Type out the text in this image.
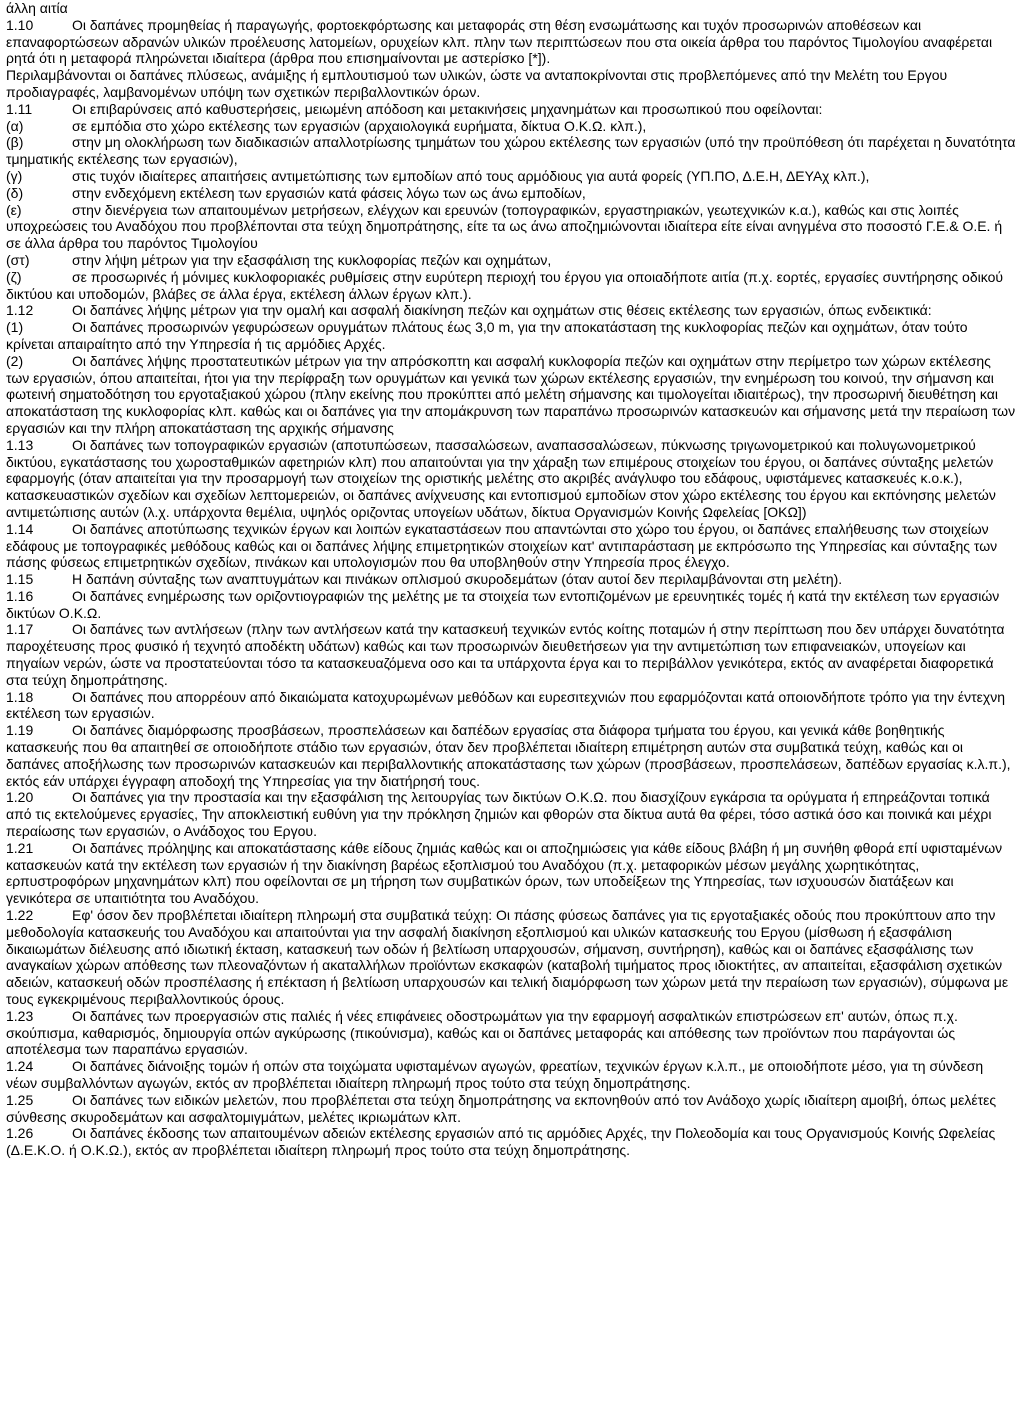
άλλη αιτία

1.10	Οι δαπάνες προμηθείας ή παραγωγής, φορτοεκφόρτωσης και μεταφοράς στη θέση ενσωμάτωσης και τυχόν προσωρινών αποθέσεων και επαναφορτώσεων αδρανών υλικών προέλευσης λατομείων, ορυχείων κλπ. πλην των περιπτώσεων που στα οικεία άρθρα του παρόντος Τιμολογίου αναφέρεται ρητά ότι η μεταφορά πληρώνεται ιδιαίτερα (άρθρα που επισημαίνονται με αστερίσκο [*]).

Περιλαμβάνονται οι δαπάνες πλύσεως, ανάμιξης ή εμπλουτισμού των υλικών, ώστε να ανταποκρίνονται στις προβλεπόμενες από την Μελέτη του Εργου προδιαγραφές, λαμβανομένων υπόψη των σχετικών περιβαλλοντικών όρων.

1.11	Οι επιβαρύνσεις από καθυστερήσεις, μειωμένη απόδοση και μετακινήσεις μηχανημάτων και προσωπικού που οφείλονται:

(α)	σε εμπόδια στο χώρο εκτέλεσης των εργασιών (αρχαιολογικά ευρήματα, δίκτυα Ο.Κ.Ω. κλπ.),

(β)	στην μη ολοκλήρωση των διαδικασιών απαλλοτρίωσης τμημάτων του χώρου εκτέλεσης των εργασιών (υπό την προϋπόθεση ότι παρέχεται η δυνατότητα τμηματικής εκτέλεσης των εργασιών),

(γ)	στις τυχόν ιδιαίτερες απαιτήσεις αντιμετώπισης των εμποδίων από τους αρμόδιους για αυτά φορείς (ΥΠ.ΠΟ, Δ.Ε.Η, ΔΕΥΑχ κλπ.),

(δ)	στην ενδεχόμενη εκτέλεση των εργασιών κατά φάσεις λόγω των ως άνω εμποδίων,

(ε)	στην διενέργεια των απαιτουμένων μετρήσεων, ελέγχων και ερευνών (τοπογραφικών, εργαστηριακών, γεωτεχνικών κ.α.), καθώς και στις λοιπές υποχρεώσεις του Αναδόχου που προβλέπονται στα τεύχη δημοπράτησης, είτε τα ως άνω αποζημιώνονται ιδιαίτερα είτε είναι ανηγμένα στο ποσοστό Γ.Ε.& Ο.Ε. ή σε άλλα άρθρα του παρόντος Τιμολογίου

(στ)	στην λήψη μέτρων για την εξασφάλιση της κυκλοφορίας πεζών και οχημάτων,

(ζ)	σε προσωρινές ή μόνιμες κυκλοφοριακές ρυθμίσεις στην ευρύτερη περιοχή του έργου για οποιαδήποτε αιτία (π.χ. εορτές, εργασίες συντήρησης οδικού δικτύου και υποδομών, βλάβες σε άλλα έργα, εκτέλεση άλλων έργων κλπ.).

1.12	Οι δαπάνες λήψης μέτρων για την ομαλή και ασφαλή διακίνηση πεζών και οχημάτων στις θέσεις εκτέλεσης των εργασιών, όπως ενδεικτικά:

(1)	Οι δαπάνες προσωρινών γεφυρώσεων ορυγμάτων πλάτους έως 3,0 m, για την αποκατάσταση της κυκλοφορίας πεζών και οχημάτων, όταν τούτο κρίνεται απαιραίτητο από την Υπηρεσία ή τις αρμόδιες Αρχές.

(2)	Οι δαπάνες λήψης προστατευτικών μέτρων για την απρόσκοπτη και ασφαλή κυκλοφορία πεζών και οχημάτων στην περίμετρο των χώρων εκτέλεσης των εργασιών, όπου απαιτείται, ήτοι για την περίφραξη των ορυγμάτων και γενικά των χώρων εκτέλεσης εργασιών, την ενημέρωση του κοινού, την σήμανση και φωτεινή σηματοδότηση του εργοταξιακού χώρου (πλην εκείνης που προκύπτει από μελέτη σήμανσης και τιμολογείται ιδιαιτέρως), την προσωρινή διευθέτηση και αποκατάσταση της κυκλοφορίας κλπ. καθώς και οι δαπάνες για την απομάκρυνση των παραπάνω προσωρινών κατασκευών και σήμανσης μετά την περαίωση των εργασιών και την πλήρη αποκατάσταση της αρχικής σήμανσης

1.13	Οι δαπάνες των τοπογραφικών εργασιών (αποτυπώσεων, πασσαλώσεων, αναπασσαλώσεων, πύκνωσης τριγωνομετρικού και πολυγωνομετρικού δικτύου, εγκατάστασης του χωροσταθμικών αφετηριών κλπ) που απαιτούνται για την χάραξη των επιμέρους στοιχείων του έργου, οι δαπάνες σύνταξης μελετών εφαρμογής (όταν απαιτείται για την προσαρμογή των στοιχείων της οριστικής μελέτης στο ακριβές ανάγλυφο του εδάφους, υφιστάμενες κατασκευές κ.ο.κ.), κατασκευαστικών σχεδίων και σχεδίων λεπτομερειών, οι δαπάνες ανίχνευσης και εντοπισμού εμποδίων στον χώρο εκτέλεσης του έργου και εκπόνησης μελετών αντιμετώπισης αυτών (λ.χ. υπάρχοντα θεμέλια, υψηλός οριζοντας υπογείων υδάτων, δίκτυα Οργανισμών Κοινής Ωφελείας [ΟΚΩ])

1.14	Οι δαπάνες αποτύπωσης τεχνικών έργων και λοιπών εγκαταστάσεων που απαντώνται στο χώρο του έργου, οι δαπάνες επαλήθευσης των στοιχείων εδάφους με τοπογραφικές μεθόδους καθώς και οι δαπάνες λήψης επιμετρητικών στοιχείων κατ' αντιπαράσταση με εκπρόσωπο της Υπηρεσίας και σύνταξης των πάσης φύσεως επιμετρητικών σχεδίων, πινάκων και υπολογισμών που θα υποβληθούν στην Υπηρεσία προς έλεγχο.

1.15	Η δαπάνη σύνταξης των αναπτυγμάτων και πινάκων οπλισμού σκυροδεμάτων (όταν αυτοί δεν περιλαμβάνονται στη μελέτη).

1.16	Οι δαπάνες ενημέρωσης των οριζοντιογραφιών της μελέτης με τα στοιχεία των εντοπιζομένων με ερευνητικές τομές ή κατά την εκτέλεση των εργασιών δικτύων Ο.Κ.Ω.

1.17	Οι δαπάνες των αντλήσεων (πλην των αντλήσεων κατά την κατασκευή τεχνικών εντός κοίτης ποταμών ή στην περίπτωση που δεν υπάρχει δυνατότητα παροχέτευσης προς φυσικό ή τεχνητό αποδέκτη υδάτων) καθώς και των προσωρινών διευθετήσεων για την αντιμετώπιση των επιφανειακών, υπογείων και πηγαίων νερών, ώστε να προστατεύονται τόσο τα κατασκευαζόμενα οσο και τα υπάρχοντα έργα και το περιβάλλον γενικότερα, εκτός αν αναφέρεται διαφορετικά στα τεύχη δημοπράτησης.

1.18	Οι δαπάνες που απορρέουν από δικαιώματα κατοχυρωμένων μεθόδων και ευρεσιτεχνιών που εφαρμόζονται κατά οποιονδήποτε τρόπο για την έντεχνη εκτέλεση των εργασιών.

1.19	Οι δαπάνες διαμόρφωσης προσβάσεων, προσπελάσεων και δαπέδων εργασίας στα διάφορα τμήματα του έργου, και γενικά κάθε βοηθητικής κατασκευής που θα απαιτηθεί σε οποιοδήποτε στάδιο των εργασιών, όταν δεν προβλέπεται ιδιαίτερη επιμέτρηση αυτών στα συμβατικά τεύχη, καθώς και οι δαπάνες αποξήλωσης των προσωρινών κατασκευών και περιβαλλοντικής αποκατάστασης των χώρων (προσβάσεων, προσπελάσεων, δαπέδων εργασίας κ.λ.π.), εκτός εάν υπάρχει έγγραφη αποδοχή της Υπηρεσίας για την διατήρησή τους.

1.20	Οι δαπάνες για την προστασία και την εξασφάλιση της λειτουργίας των δικτύων Ο.Κ.Ω. που διασχίζουν εγκάρσια τα ορύγματα ή επηρεάζονται τοπικά από τις εκτελούμενες εργασίες, Την αποκλειστική ευθύνη για την πρόκληση ζημιών και φθορών στα δίκτυα αυτά θα φέρει, τόσο αστικά όσο και ποινικά και μέχρι περαίωσης των εργασιών, ο Ανάδοχος του Εργου.

1.21	Οι δαπάνες πρόληψης και αποκατάστασης κάθε είδους ζημιάς καθώς και οι αποζημιώσεις για κάθε είδους βλάβη ή μη συνήθη φθορά επί υφισταμένων κατασκευών κατά την εκτέλεση των εργασιών ή την διακίνηση βαρέως εξοπλισμού του Αναδόχου (π.χ. μεταφορικών μέσων μεγάλης χωρητικότητας, ερπυστροφόρων μηχανημάτων κλπ) που οφείλονται σε μη τήρηση των συμβατικών όρων, των υποδείξεων της Υπηρεσίας, των ισχυουσών διατάξεων και γενικότερα σε υπαιτιότητα του Αναδόχου.

1.22	Εφ' όσον δεν προβλέπεται ιδιαίτερη πληρωμή στα συμβατικά τεύχη: Οι πάσης φύσεως δαπάνες για τις εργοταξιακές οδούς που προκύπτουν απο την μεθοδολογία κατασκευής του Αναδόχου και απαιτούνται για την ασφαλή διακίνηση εξοπλισμού και υλικών κατασκευής του Εργου (μίσθωση ή εξασφάλιση δικαιωμάτων διέλευσης από ιδιωτική έκταση, κατασκευή των οδών ή βελτίωση υπαρχουσών, σήμανση, συντήρηση), καθώς και οι δαπάνες εξασφάλισης των αναγκαίων χώρων απόθεσης των πλεοναζόντων ή ακαταλλήλων προϊόντων εκσκαφών (καταβολή τιμήματος προς ιδιοκτήτες, αν απαιτείται, εξασφάλιση σχετικών αδειών, κατασκευή οδών προσπέλασης ή επέκταση ή βελτίωση υπαρχουσών και τελική διαμόρφωση των χώρων μετά την περαίωση των εργασιών), σύμφωνα με τους εγκεκριμένους περιβαλλοντικούς όρους.

1.23	Οι δαπάνες των προεργασιών στις παλιές ή νέες επιφάνειες οδοστρωμάτων για την εφαρμογή ασφαλτικών επιστρώσεων επ' αυτών, όπως π.χ. σκούπισμα, καθαρισμός, δημιουργία οπών αγκύρωσης (πικούνισμα), καθώς και οι δαπάνες μεταφοράς και απόθεσης των προϊόντων που παράγονται ώς αποτέλεσμα των παραπάνω εργασιών.

1.24	Οι δαπάνες διάνοιξης τομών ή οπών στα τοιχώματα υφισταμένων αγωγών, φρεατίων, τεχνικών έργων κ.λ.π., με οποιοδήποτε μέσο, για τη σύνδεση νέων συμβαλλόντων αγωγών, εκτός αν προβλέπεται ιδιαίτερη πληρωμή προς τούτο στα τεύχη δημοπράτησης.

1.25	Οι δαπάνες των ειδικών μελετών, που προβλέπεται στα τεύχη δημοπράτησης να εκπονηθούν από τον Ανάδοχο χωρίς ιδιαίτερη αμοιβή, όπως μελέτες σύνθεσης σκυροδεμάτων και ασφαλτομιγμάτων, μελέτες ικριωμάτων κλπ.

1.26	Οι δαπάνες έκδοσης των απαιτουμένων αδειών εκτέλεσης εργασιών από τις αρμόδιες Αρχές, την Πολεοδομία και τους Οργανισμούς Κοινής Ωφελείας (Δ.Ε.Κ.Ο. ή Ο.Κ.Ω.), εκτός αν προβλέπεται ιδιαίτερη πληρωμή προς τούτο στα τεύχη δημοπράτησης.
